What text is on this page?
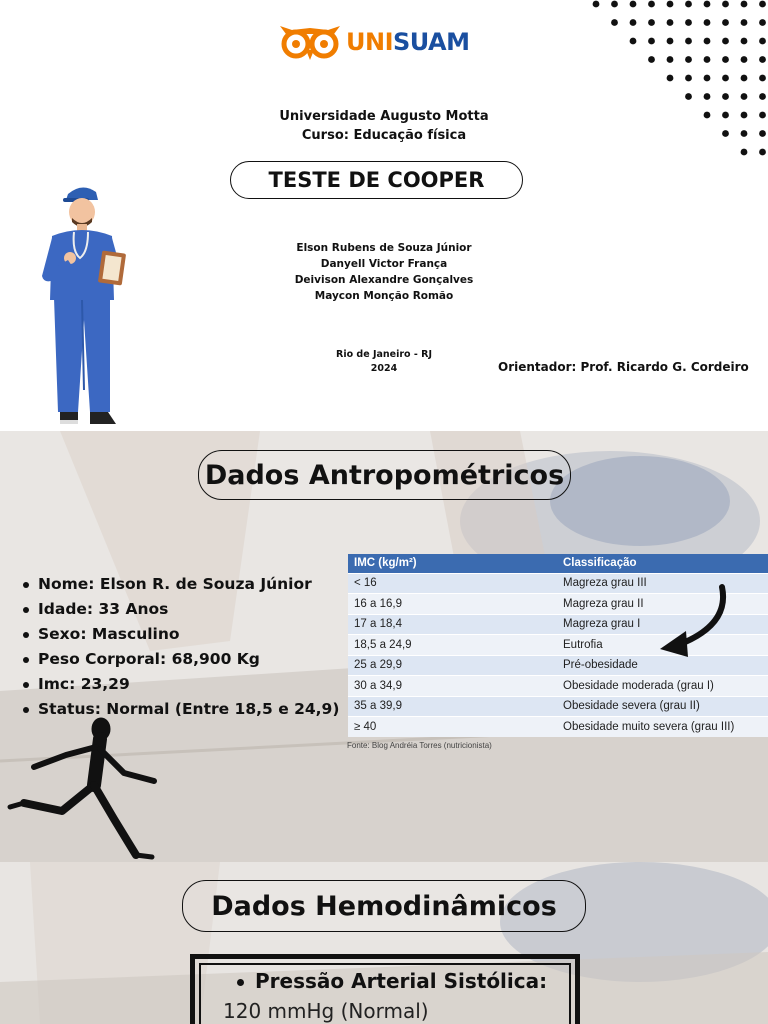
UNISUAM
Universidade Augusto Motta
Curso: Educação física
TESTE DE COOPER
Elson Rubens de Souza Júnior
Danyell Victor França
Deivison Alexandre Gonçalves
Maycon Monção Romão
Rio de Janeiro - RJ
2024	Orientador: Prof. Ricardo G. Cordeiro
Dados Antropométricos
Nome: Elson R. de Souza Júnior
Idade: 33 Anos
Sexo: Masculino
Peso Corporal: 68,900 Kg
Imc: 23,29
Status: Normal (Entre 18,5 e 24,9)
IMC (kg/m²)	Classificação
< 16	Magreza grau III
16 a 16,9	Magreza grau II
17 a 18,4	Magreza grau I
18,5 a 24,9	Eutrofia
25 a 29,9	Pré-obesidade
30 a 34,9	Obesidade moderada (grau I)
35 a 39,9	Obesidade severa (grau II)
≥ 40	Obesidade muito severa (grau III)
Fonte: Blog Andréia Torres (nutricionista)
Dados Hemodinâmicos
Pressão Arterial Sistólica:
120 mmHg (Normal)
